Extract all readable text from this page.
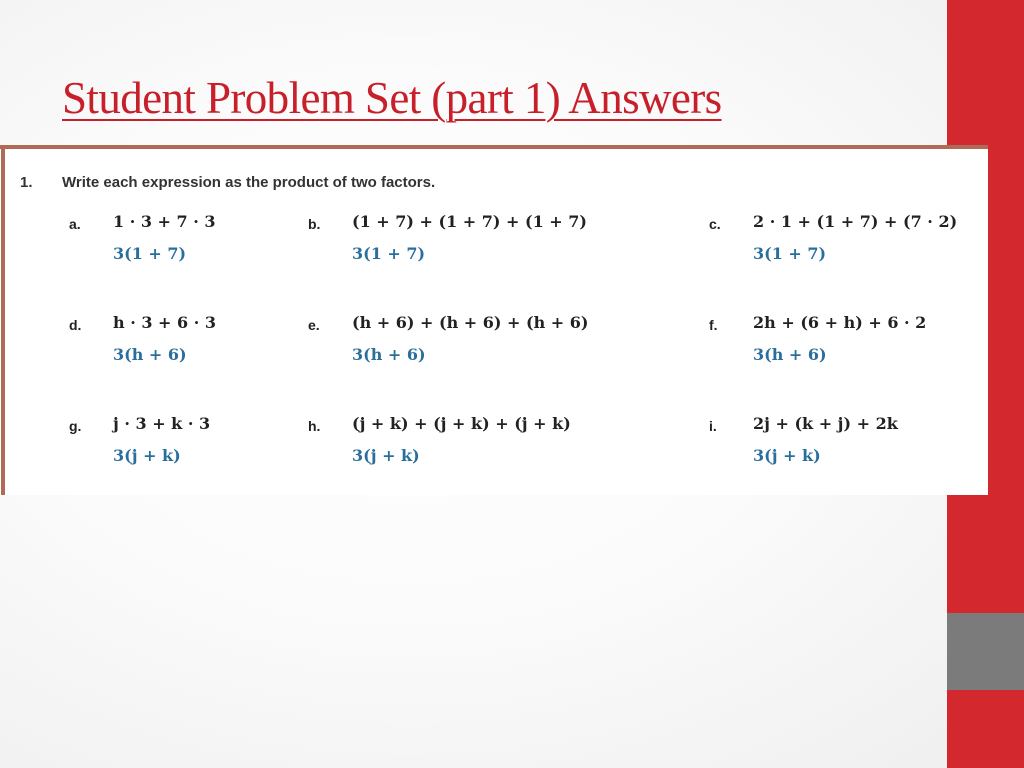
Student Problem Set (part 1) Answers
1. Write each expression as the product of two factors.
a. 1 · 3 + 7 · 3
3(1 + 7)
b. (1 + 7) + (1 + 7) + (1 + 7)
3(1 + 7)
c. 2 · 1 + (1 + 7) + (7 · 2)
3(1 + 7)
d. h · 3 + 6 · 3
3(h + 6)
e. (h + 6) + (h + 6) + (h + 6)
3(h + 6)
f. 2h + (6 + h) + 6 · 2
3(h + 6)
g. j · 3 + k · 3
3(j + k)
h. (j + k) + (j + k) + (j + k)
3(j + k)
i. 2j + (k + j) + 2k
3(j + k)
